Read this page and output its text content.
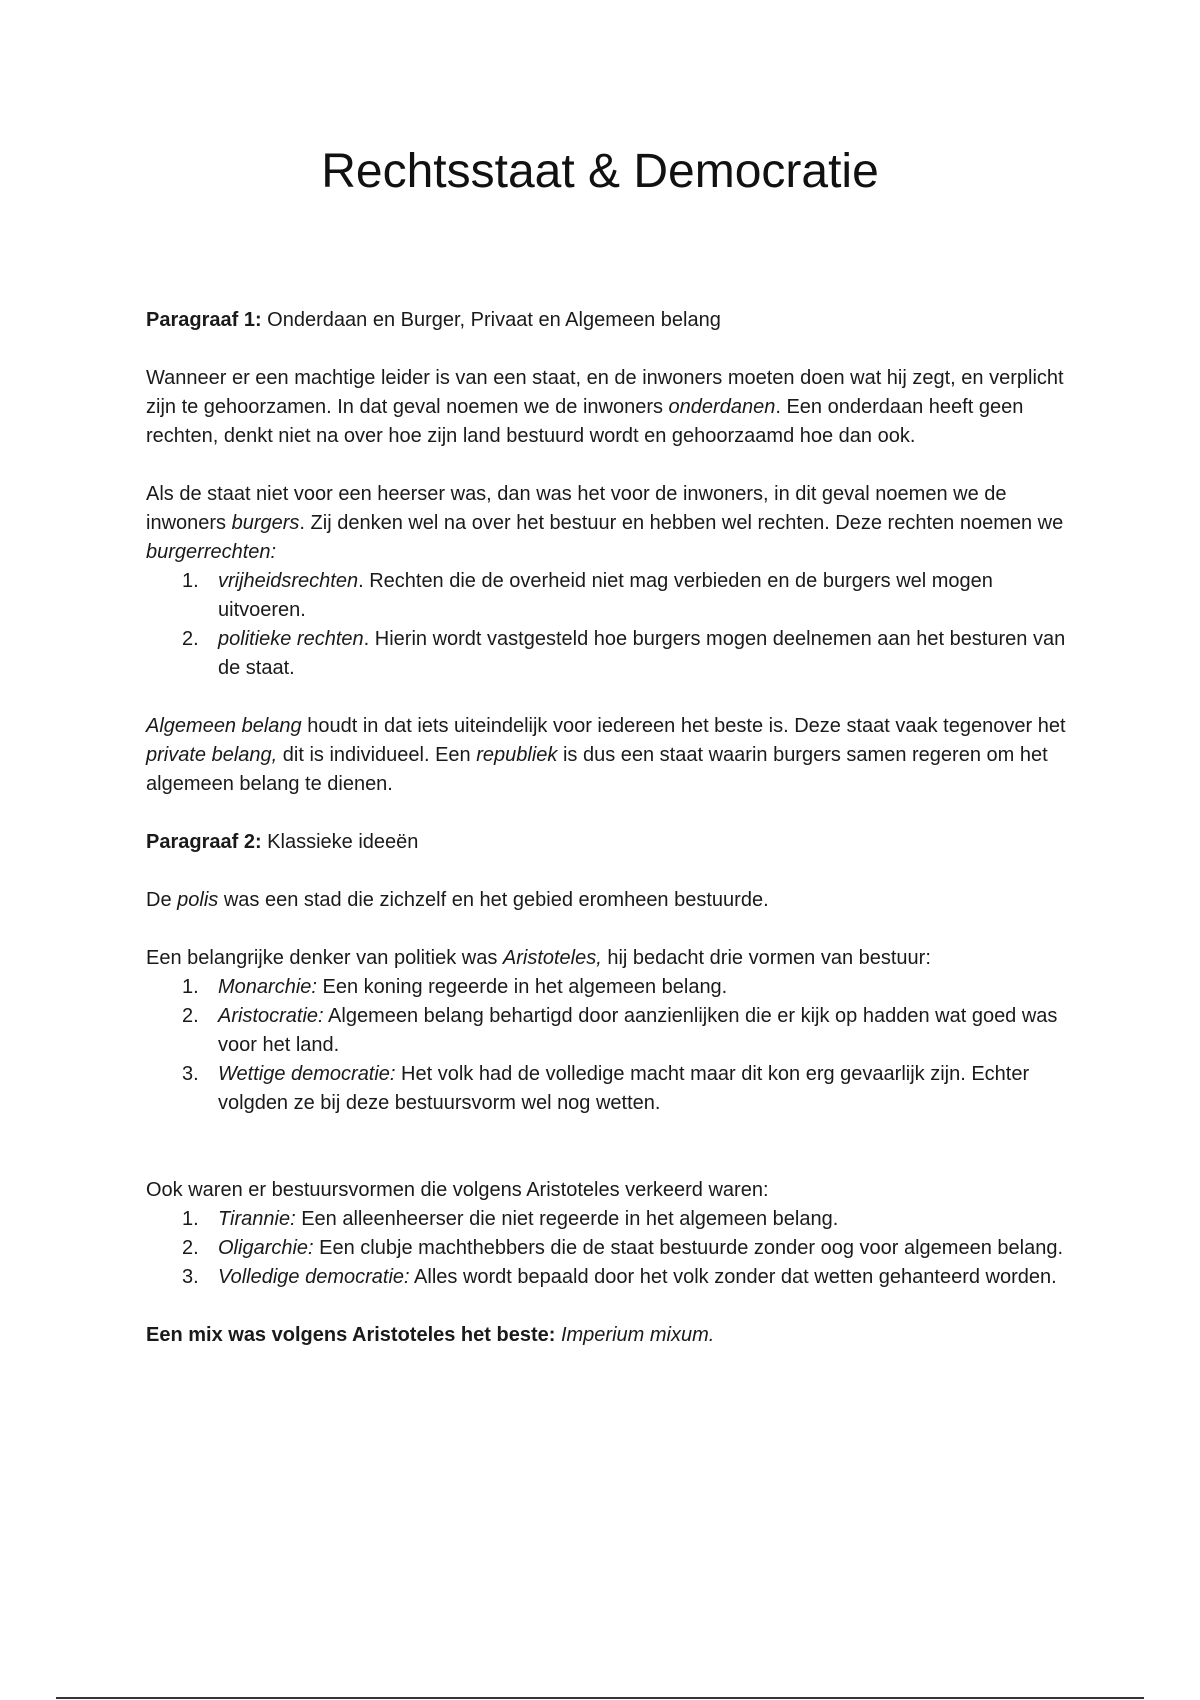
Rechtsstaat & Democratie

Paragraaf 1: Onderdaan en Burger, Privaat en Algemeen belang

Wanneer er een machtige leider is van een staat, en de inwoners moeten doen wat hij zegt, en verplicht zijn te gehoorzamen. In dat geval noemen we de inwoners onderdanen. Een onderdaan heeft geen rechten, denkt niet na over hoe zijn land bestuurd wordt en gehoorzaamd hoe dan ook.

Als de staat niet voor een heerser was, dan was het voor de inwoners, in dit geval noemen we de inwoners burgers. Zij denken wel na over het bestuur en hebben wel rechten. Deze rechten noemen we burgerrechten:

1. vrijheidsrechten. Rechten die de overheid niet mag verbieden en de burgers wel mogen uitvoeren.
2. politieke rechten. Hierin wordt vastgesteld hoe burgers mogen deelnemen aan het besturen van de staat.

Algemeen belang houdt in dat iets uiteindelijk voor iedereen het beste is. Deze staat vaak tegenover het private belang, dit is individueel. Een republiek is dus een staat waarin burgers samen regeren om het algemeen belang te dienen.

Paragraaf 2: Klassieke ideeën

De polis was een stad die zichzelf en het gebied eromheen bestuurde.

Een belangrijke denker van politiek was Aristoteles, hij bedacht drie vormen van bestuur:

1. Monarchie: Een koning regeerde in het algemeen belang.
2. Aristocratie: Algemeen belang behartigd door aanzienlijken die er kijk op hadden wat goed was voor het land.
3. Wettige democratie: Het volk had de volledige macht maar dit kon erg gevaarlijk zijn. Echter volgden ze bij deze bestuursvorm wel nog wetten.

Ook waren er bestuursvormen die volgens Aristoteles verkeerd waren:

1. Tirannie: Een alleenheerser die niet regeerde in het algemeen belang.
2. Oligarchie: Een clubje machthebbers die de staat bestuurde zonder oog voor algemeen belang.
3. Volledige democratie: Alles wordt bepaald door het volk zonder dat wetten gehanteerd worden.

Een mix was volgens Aristoteles het beste: Imperium mixum.
